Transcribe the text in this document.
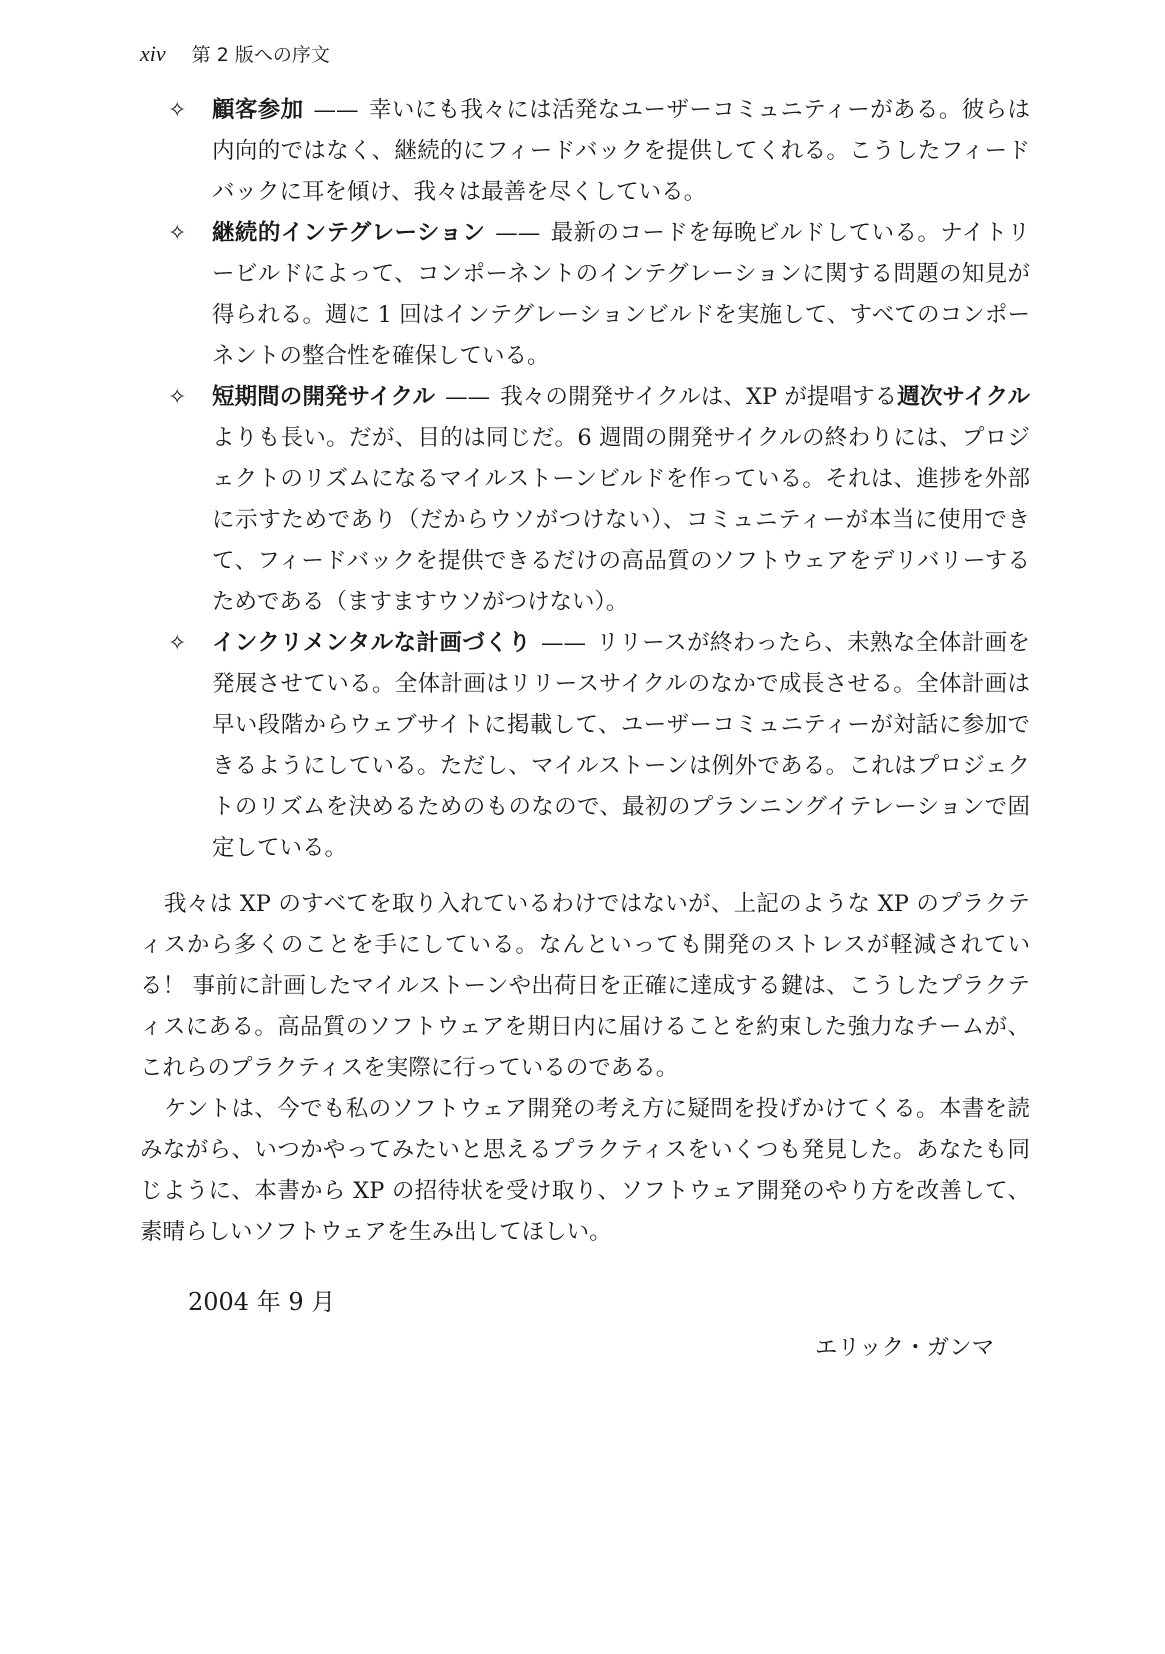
xiv 第 2 版への序文
✧ 顧客参加 —— 幸いにも我々には活発なユーザーコミュニティーがある。彼らは内向的ではなく、継続的にフィードバックを提供してくれる。こうしたフィードバックに耳を傾け、我々は最善を尽くしている。
✧ 継続的インテグレーション —— 最新のコードを毎晩ビルドしている。ナイトリービルドによって、コンポーネントのインテグレーションに関する問題の知見が得られる。週に 1 回はインテグレーションビルドを実施して、すべてのコンポーネントの整合性を確保している。
✧ 短期間の開発サイクル —— 我々の開発サイクルは、XP が提唱する週次サイクルよりも長い。だが、目的は同じだ。6 週間の開発サイクルの終わりには、プロジェクトのリズムになるマイルストーンビルドを作っている。それは、進捗を外部に示すためであり（だからウソがつけない）、コミュニティーが本当に使用できて、フィードバックを提供できるだけの高品質のソフトウェアをデリバリーするためである（ますますウソがつけない）。
✧ インクリメンタルな計画づくり —— リリースが終わったら、未熟な全体計画を発展させている。全体計画はリリースサイクルのなかで成長させる。全体計画は早い段階からウェブサイトに掲載して、ユーザーコミュニティーが対話に参加できるようにしている。ただし、マイルストーンは例外である。これはプロジェクトのリズムを決めるためのものなので、最初のプランニングイテレーションで固定している。

我々は XP のすべてを取り入れているわけではないが、上記のような XP のプラクティスから多くのことを手にしている。なんといっても開発のストレスが軽減されている！ 事前に計画したマイルストーンや出荷日を正確に達成する鍵は、こうしたプラクティスにある。高品質のソフトウェアを期日内に届けることを約束した強力なチームが、これらのプラクティスを実際に行っているのである。

ケントは、今でも私のソフトウェア開発の考え方に疑問を投げかけてくる。本書を読みながら、いつかやってみたいと思えるプラクティスをいくつも発見した。あなたも同じように、本書から XP の招待状を受け取り、ソフトウェア開発のやり方を改善して、素晴らしいソフトウェアを生み出してほしい。

2004 年 9 月
エリック・ガンマ
